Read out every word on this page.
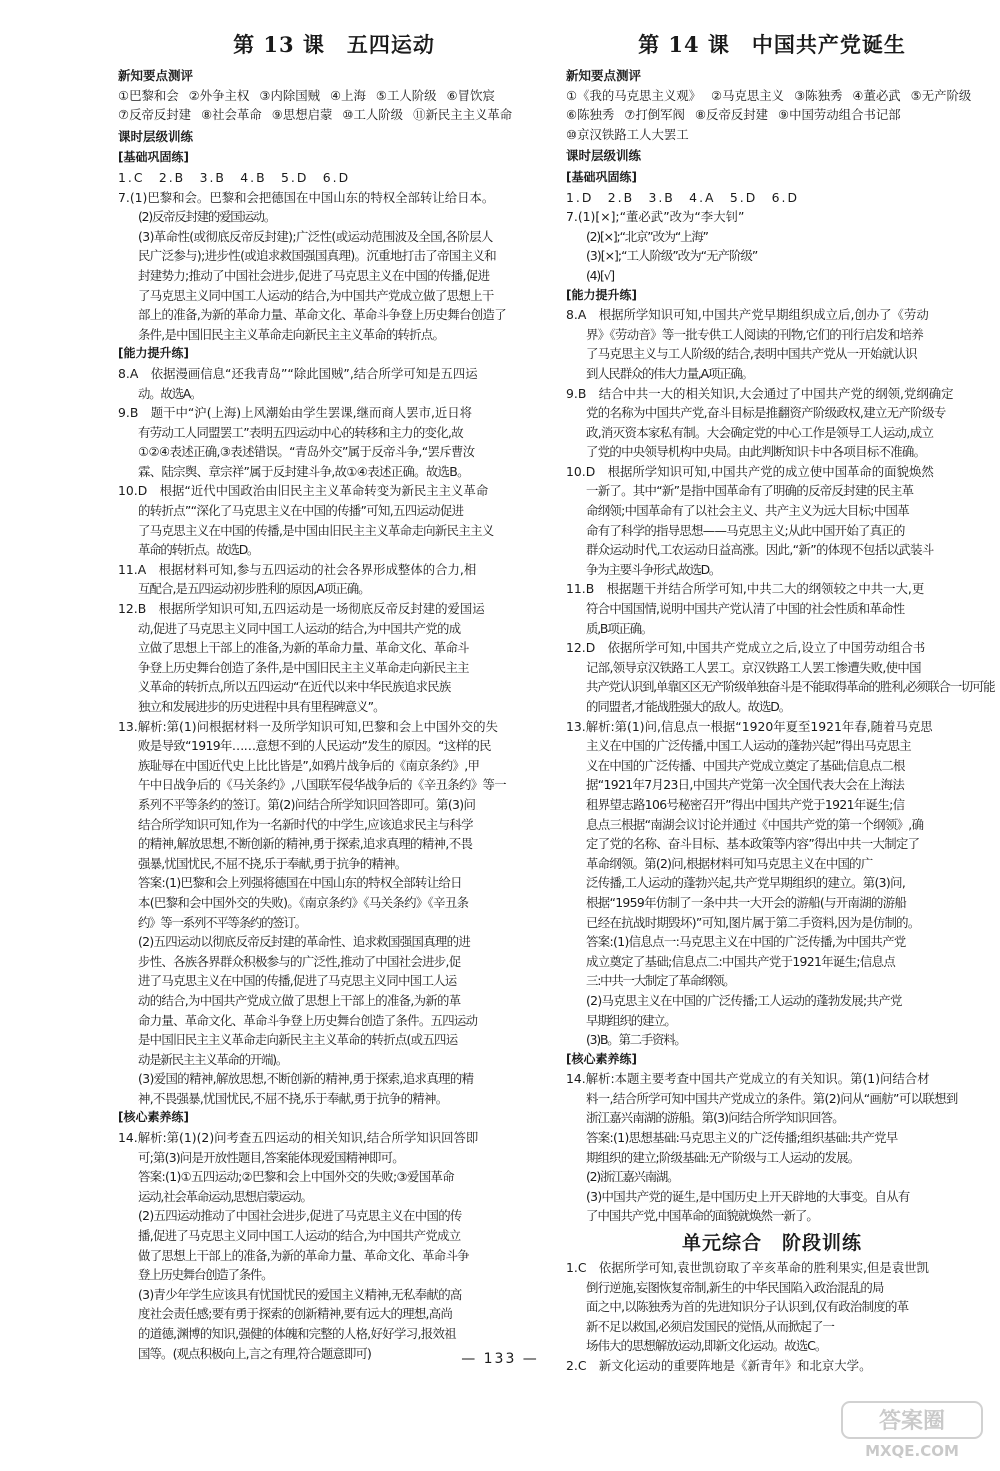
第 13 课　五四运动
新知要点测评
①巴黎和会 ②外争主权 ③内除国贼 ④上海 ⑤工人阶级 ⑥冒饮宸
⑦反帝反封建 ⑧社会革命 ⑨思想启蒙 ⑩工人阶级 ⑪新民主主义革命
课时层级训练
[基础巩固练]
1.C　2.B　3.B　4.B　5.D　6.D
7.(1)巴黎和会。巴黎和会把德国在中国山东的特权全部转让给日本。
(2)反帝反封建的爱国运动。
(3)革命性(或彻底反帝反封建);广泛性(或运动范围波及全国,各阶层人
民广泛参与);进步性(或追求救国强国真理)。沉重地打击了帝国主义和
封建势力;推动了中国社会进步,促进了马克思主义在中国的传播,促进
了马克思主义同中国工人运动的结合,为中国共产党成立做了思想上干
部上的准备,为新的革命力量、革命文化、革命斗争登上历史舞台创造了
条件,是中国旧民主主义革命走向新民主主义革命的转折点。
[能力提升练]
8.A　依据漫画信息“还我青岛”“除此国贼”,结合所学可知是五四运
动。故选A。
9.B　题干中“沪(上海)上风潮始由学生罢课,继而商人罢市,近日将
有劳动工人同盟罢工”表明五四运动中心的转移和主力的变化,故
①②④表述正确,③表述错误。“青岛外交”属于反帝斗争,“罢斥曹汝
霖、陆宗舆、章宗祥”属于反封建斗争,故①④表述正确。故选B。
10.D　根据“近代中国政治由旧民主主义革命转变为新民主主义革命
的转折点”“深化了马克思主义在中国的传播”可知,五四运动促进
了马克思主义在中国的传播,是中国由旧民主主义革命走向新民主主义
革命的转折点。故选D。
11.A　根据材料可知,参与五四运动的社会各界形成整体的合力,相
互配合,是五四运动初步胜利的原因,A项正确。
12.B　根据所学知识可知,五四运动是一场彻底反帝反封建的爱国运
动,促进了马克思主义同中国工人运动的结合,为中国共产党的成
立做了思想上干部上的准备,为新的革命力量、革命文化、革命斗
争登上历史舞台创造了条件,是中国旧民主主义革命走向新民主主
义革命的转折点,所以五四运动“在近代以来中华民族追求民族
独立和发展进步的历史进程中具有里程碑意义”。
13.解析:第(1)问根据材料一及所学知识可知,巴黎和会上中国外交的失
败是导致“1919年……意想不到的人民运动”发生的原因。“这样的民
族耻辱在中国近代史上比比皆是”,如鸦片战争后的《南京条约》,甲
午中日战争后的《马关条约》,八国联军侵华战争后的《辛丑条约》等一
系列不平等条约的签订。第(2)问结合所学知识回答即可。第(3)问
结合所学知识可知,作为一名新时代的中学生,应该追求民主与科学
的精神,解放思想,不断创新的精神,勇于探索,追求真理的精神,不畏
强暴,忧国忧民,不屈不挠,乐于奉献,勇于抗争的精神。
答案:(1)巴黎和会上列强将德国在中国山东的特权全部转让给日
本(巴黎和会中国外交的失败)。《南京条约》《马关条约》《辛丑条
约》等一系列不平等条约的签订。
(2)五四运动以彻底反帝反封建的革命性、追求救国强国真理的进
步性、各族各界群众积极参与的广泛性,推动了中国社会进步,促
进了马克思主义在中国的传播,促进了马克思主义同中国工人运
动的结合,为中国共产党成立做了思想上干部上的准备,为新的革
命力量、革命文化、革命斗争登上历史舞台创造了条件。五四运动
是中国旧民主主义革命走向新民主主义革命的转折点(或五四运
动是新民主主义革命的开端)。
(3)爱国的精神,解放思想,不断创新的精神,勇于探索,追求真理的精
神,不畏强暴,忧国忧民,不屈不挠,乐于奉献,勇于抗争的精神。
[核心素养练]
14.解析:第(1)(2)问考查五四运动的相关知识,结合所学知识回答即
可;第(3)问是开放性题目,答案能体现爱国精神即可。
答案:(1)①五四运动;②巴黎和会上中国外交的失败;③爱国革命
运动,社会革命运动,思想启蒙运动。
(2)五四运动推动了中国社会进步,促进了马克思主义在中国的传
播,促进了马克思主义同中国工人运动的结合,为中国共产党成立
做了思想上干部上的准备,为新的革命力量、革命文化、革命斗争
登上历史舞台创造了条件。
(3)青少年学生应该具有忧国忧民的爱国主义精神,无私奉献的高
度社会责任感;要有勇于探索的创新精神,要有远大的理想,高尚
的道德,渊博的知识,强健的体魄和完整的人格,好好学习,报效祖
国等。(观点积极向上,言之有理,符合题意即可)
第 14 课　中国共产党诞生
新知要点测评
①《我的马克思主义观》 ②马克思主义 ③陈独秀 ④董必武 ⑤无产阶级
⑥陈独秀 ⑦打倒军阀 ⑧反帝反封建 ⑨中国劳动组合书记部
⑩京汉铁路工人大罢工
课时层级训练
[基础巩固练]
1.D　2.B　3.B　4.A　5.D　6.D
7.(1)[×];“董必武”改为“李大钊”
(2)[×];“北京”改为“上海”
(3)[×];“工人阶级”改为“无产阶级”
(4)[√]
[能力提升练]
8.A　根据所学知识可知,中国共产党早期组织成立后,创办了《劳动
界》《劳动音》等一批专供工人阅读的刊物,它们的刊行启发和培养
了马克思主义与工人阶级的结合,表明中国共产党从一开始就认识
到人民群众的伟大力量,A项正确。
9.B　结合中共一大的相关知识,大会通过了中国共产党的纲领,党纲确定
党的名称为中国共产党,奋斗目标是推翻资产阶级政权,建立无产阶级专
政,消灭资本家私有制。大会确定党的中心工作是领导工人运动,成立
了党的中央领导机构中央局。由此判断知识卡中各项目标不准确。
10.D　根据所学知识可知,中国共产党的成立使中国革命的面貌焕然
一新了。其中“新”是指中国革命有了明确的反帝反封建的民主革
命纲领;中国革命有了以社会主义、共产主义为远大目标;中国革
命有了科学的指导思想——马克思主义;从此中国开始了真正的
群众运动时代,工农运动日益高涨。因此,“新”的体现不包括以武装斗
争为主要斗争形式,故选D。
11.B　根据题干并结合所学可知,中共二大的纲领较之中共一大,更
符合中国国情,说明中国共产党认清了中国的社会性质和革命性
质,B项正确。
12.D　依据所学可知,中国共产党成立之后,设立了中国劳动组合书
记部,领导京汉铁路工人罢工。京汉铁路工人罢工惨遭失败,使中国
共产党认识到,单靠区区无产阶级单独奋斗是不能取得革命的胜利,必须联合一切可能
的同盟者,才能战胜强大的敌人。故选D。
13.解析:第(1)问,信息点一根据“1920年夏至1921年春,随着马克思
主义在中国的广泛传播,中国工人运动的蓬勃兴起”得出马克思主
义在中国的广泛传播、中国共产党成立奠定了基础;信息点二根
据“1921年7月23日,中国共产党第一次全国代表大会在上海法
租界望志路106号秘密召开”得出中国共产党于1921年诞生;信
息点三根据“南湖会议讨论并通过《中国共产党的第一个纲领》,确
定了党的名称、奋斗目标、基本政策等内容”得出中共一大制定了
革命纲领。第(2)问,根据材料可知马克思主义在中国的广
泛传播,工人运动的蓬勃兴起,共产党早期组织的建立。第(3)问,
根据“1959年仿制了一条中共一大开会的游船(与开南湖的游船
已经在抗战时期毁坏)”可知,图片属于第二手资料,因为是仿制的。
答案:(1)信息点一:马克思主义在中国的广泛传播,为中国共产党
成立奠定了基础;信息点二:中国共产党于1921年诞生;信息点
三:中共一大制定了革命纲领。
(2)马克思主义在中国的广泛传播;工人运动的蓬勃发展;共产党
早期组织的建立。
(3)B。第二手资料。
[核心素养练]
14.解析:本题主要考查中国共产党成立的有关知识。第(1)问结合材
料一,结合所学可知中国共产党成立的条件。第(2)问从“画舫”可以联想到
浙江嘉兴南湖的游船。第(3)问结合所学知识回答。
答案:(1)思想基础:马克思主义的广泛传播;组织基础:共产党早
期组织的建立;阶级基础:无产阶级与工人运动的发展。
(2)浙江嘉兴南湖。
(3)中国共产党的诞生,是中国历史上开天辟地的大事变。自从有
了中国共产党,中国革命的面貌就焕然一新了。
单元综合　阶段训练
1.C　依据所学可知,袁世凯窃取了辛亥革命的胜利果实,但是袁世凯
倒行逆施,妄图恢复帝制,新生的中华民国陷入政治混乱的局
面之中,以陈独秀为首的先进知识分子认识到,仅有政治制度的革
新不足以救国,必须启发国民的觉悟,从而掀起了一
场伟大的思想解放运动,即新文化运动。故选C。
2.C　新文化运动的重要阵地是《新青年》和北京大学。
— 133 —
答案圈
MXQE.COM
